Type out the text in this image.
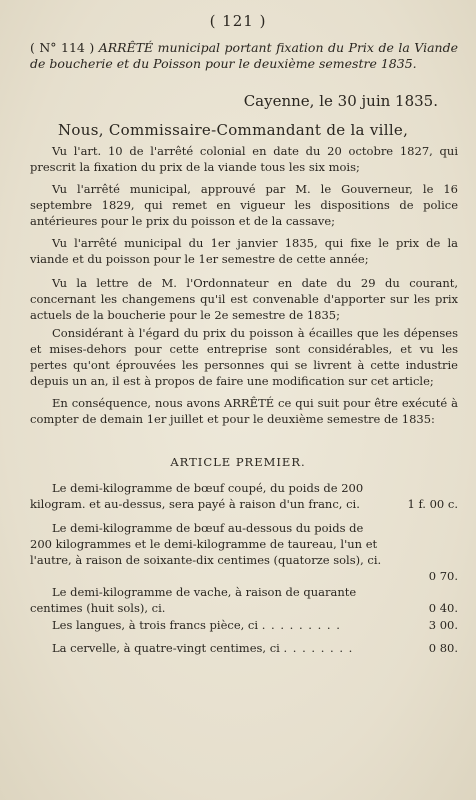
( 121 )
( N° 114 ) ARRÊTÉ municipal portant fixation du Prix de la Viande de boucherie et du Poisson pour le deuxième semestre 1835.
Cayenne, le 30 juin 1835.
Nous, Commissaire-Commandant de la ville,
Vu l'art. 10 de l'arrêté colonial en date du 20 octobre 1827, qui prescrit la fixation du prix de la viande tous les six mois;
Vu l'arrêté municipal, approuvé par M. le Gouverneur, le 16 septembre 1829, qui remet en vigueur les dispositions de police antérieures pour le prix du poisson et de la cassave;
Vu l'arrêté municipal du 1er janvier 1835, qui fixe le prix de la viande et du poisson pour le 1er semestre de cette année;
Vu la lettre de M. l'Ordonnateur en date du 29 du courant, concernant les changemens qu'il est convenable d'apporter sur les prix actuels de la boucherie pour le 2e semestre de 1835;
Considérant à l'égard du prix du poisson à écailles que les dépenses et mises-dehors pour cette entreprise sont considérables, et vu les pertes qu'ont éprouvées les personnes qui se livrent à cette industrie depuis un an, il est à propos de faire une modification sur cet article;
En conséquence, nous avons ARRÊTÉ ce qui suit pour être exécuté à compter de demain 1er juillet et pour le deuxième semestre de 1835:
ARTICLE PREMIER.
Le demi-kilogramme de bœuf coupé, du poids de 200 kilogram. et au-dessus, sera payé à raison d'un franc, ci.	1 f. 00 c.
Le demi-kilogramme de bœuf au-dessous du poids de 200 kilogrammes et le demi-kilogramme de taureau, l'un et l'autre, à raison de soixante-dix centimes (quatorze sols), ci.
0 70.
Le demi-kilogramme de vache, à raison de quarante centimes (huit sols), ci.	0 40.
Les langues, à trois francs pièce, ci . . . . . . . . .	3 00.
La cervelle, à quatre-vingt centimes, ci . . . . . . . .	0 80.
